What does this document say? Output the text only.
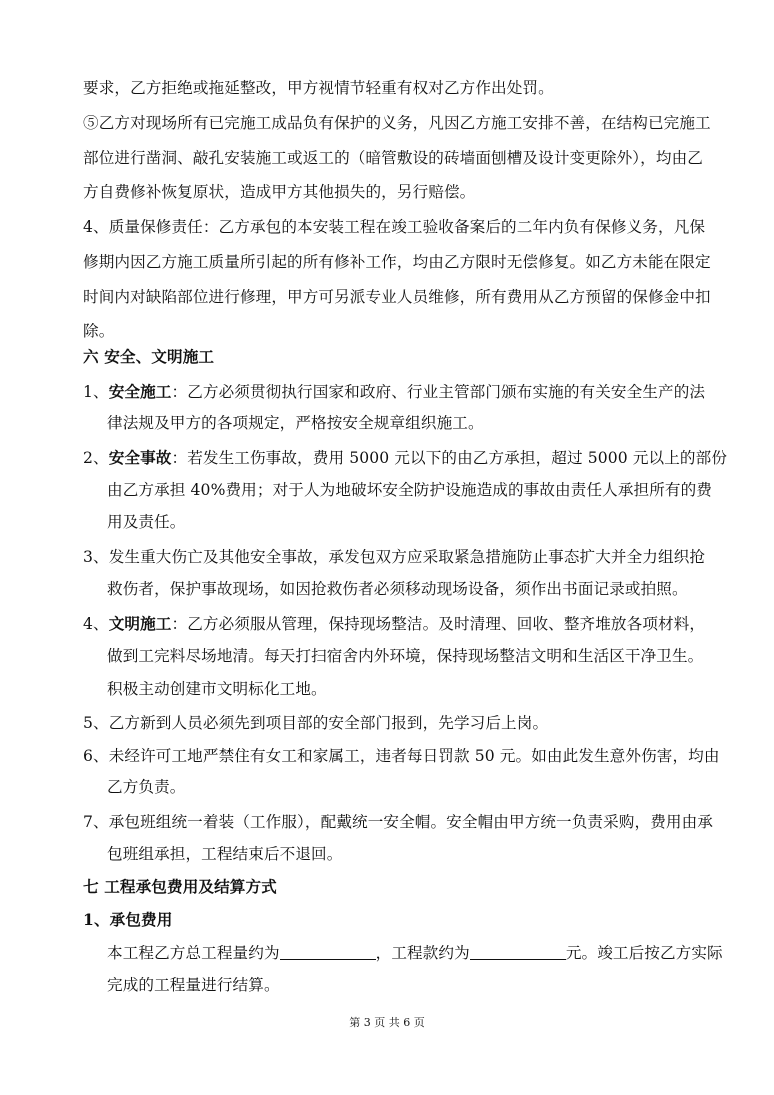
要求，乙方拒绝或拖延整改，甲方视情节轻重有权对乙方作出处罚。
⑤乙方对现场所有已完施工成品负有保护的义务，凡因乙方施工安排不善，在结构已完施工
部位进行凿洞、敲孔安装施工或返工的（暗管敷设的砖墙面刨槽及设计变更除外），均由乙
方自费修补恢复原状，造成甲方其他损失的，另行赔偿。
4、质量保修责任：乙方承包的本安装工程在竣工验收备案后的二年内负有保修义务，凡保
修期内因乙方施工质量所引起的所有修补工作，均由乙方限时无偿修复。如乙方未能在限定
时间内对缺陷部位进行修理，甲方可另派专业人员维修，所有费用从乙方预留的保修金中扣
除。
六 安全、文明施工
1、安全施工：乙方必须贯彻执行国家和政府、行业主管部门颁布实施的有关安全生产的法
律法规及甲方的各项规定，严格按安全规章组织施工。
2、安全事故：若发生工伤事故，费用 5000 元以下的由乙方承担，超过 5000 元以上的部份
由乙方承担 40%费用；对于人为地破坏安全防护设施造成的事故由责任人承担所有的费
用及责任。
3、发生重大伤亡及其他安全事故，承发包双方应采取紧急措施防止事态扩大并全力组织抢
救伤者，保护事故现场，如因抢救伤者必须移动现场设备，须作出书面记录或拍照。
4、文明施工：乙方必须服从管理，保持现场整洁。及时清理、回收、整齐堆放各项材料，
做到工完料尽场地清。每天打扫宿舍内外环境，保持现场整洁文明和生活区干净卫生。
积极主动创建市文明标化工地。
5、乙方新到人员必须先到项目部的安全部门报到，先学习后上岗。
6、未经许可工地严禁住有女工和家属工，违者每日罚款 50 元。如由此发生意外伤害，均由
乙方负责。
7、承包班组统一着装（工作服），配戴统一安全帽。安全帽由甲方统一负责采购，费用由承
包班组承担，工程结束后不退回。
七 工程承包费用及结算方式
1、承包费用
本工程乙方总工程量约为	，工程款约为	元。竣工后按乙方实际
完成的工程量进行结算。
第 3 页 共 6 页
